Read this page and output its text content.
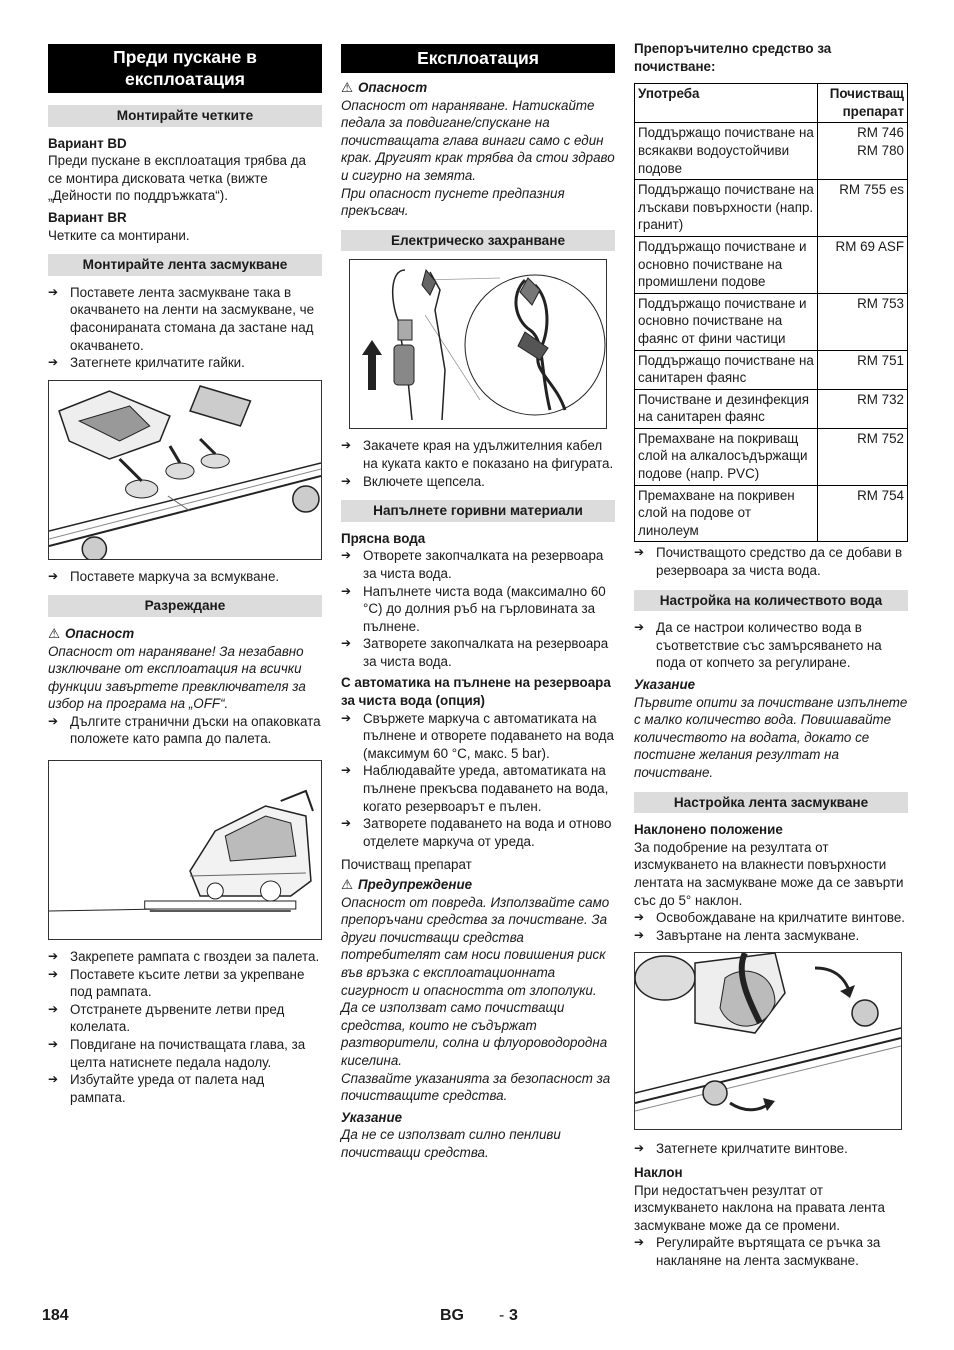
Преди пускане в експлоатация
Монтирайте четките

Вариант BD

Преди пускане в експлоатация трябва да се монтира дисковата четка (вижте „Дейности по поддръжката“).

Вариант BR

Четките са монтирани.

Монтирайте лента засмукване
➔ Поставете лента засмукване така в окачването на ленти на засмукване, че фасонираната стомана да застане над окачването.
➔ Затегнете крилчатите гайки.
➔ Поставете маркуча за всмукване.
Разреждане

⚠ Опасност

Опасност от нараняване! За незабавно изключване от експлоатация на всички функции завъртете превключвателя за избор на програма на „OFF“.

➔ Дългите странични дъски на опаковката положете като рампа до палета.
➔ Закрепете рампата с гвоздеи за палета.
➔ Поставете късите летви за укрепване под рампата.
➔ Отстранете дървените летви пред колелата.
➔ Повдигане на почистващата глава, за целта натиснете педала надолу.
➔ Избутайте уреда от палета над рампата.
Експлоатация

⚠ Опасност

Опасност от нараняване. Натискайте педала за повдигане/спускане на почистващата глава винаги само с един крак. Другият крак трябва да стои здраво и сигурно на земята.

При опасност пуснете предпазния прекъсвач.

Електрическо захранване
➔ Закачете края на удължителния кабел на куката както е показано на фигурата.
➔ Включете щепсела.
Напълнете горивни материали

Прясна вода

➔ Отворете закопчалката на резервоара за чиста вода.
➔ Напълнете чиста вода (максимално 60 °C) до долния ръб на гърловината за пълнене.
➔ Затворете закопчалката на резервоара за чиста вода.

С автоматика на пълнене на резервоара за чиста вода (опция)

➔ Свържете маркуча с автоматиката на пълнене и отворете подаването на вода (максимум 60 °C, макс. 5 bar).
➔ Наблюдавайте уреда, автоматиката на пълнене прекъсва подаването на вода, когато резервоарът е пълен.
➔ Затворете подаването на вода и отново отделете маркуча от уреда.

Почистващ препарат

⚠ Предупреждение

Опасност от повреда. Използвайте само препоръчани средства за почистване. За други почистващи средства потребителят сам носи повишения риск във връзка с експлоатационната сигурност и опасността от злополуки. Да се използват само почистващи средства, които не съдържат разтворители, солна и флуороводородна киселина.

Спазвайте указанията за безопасност за почистващите средства.

Указание

Да не се използват силно пенливи почистващи средства.

Препоръчително средство за почистване:

Употреба	Почистващ препарат
Поддържащо почистване на всякакви водоустойчиви подове	RM 746
RM 780
Поддържащо почистване на лъскави повърхности (напр. гранит)	RM 755 es
Поддържащо почистване и основно почистване на промишлени подове	RM 69 ASF
Поддържащо почистване и основно почистване на фаянс от фини частици	RM 753
Поддържащо почистване на санитарен фаянс	RM 751
Почистване и дезинфекция на санитарен фаянс	RM 732
Премахване на покриващ слой на алкалосъдържащи подове (напр. PVC)	RM 752
Премахване на покривен слой на подове от линолеум	RM 754
➔ Почистващото средство да се добави в резервоара за чиста вода.
Настройка на количеството вода
➔ Да се настрои количество вода в съответствие със замърсяването на пода от копчето за регулиране.

Указание

Първите опити за почистване изпълнете с малко количество вода. Повишавайте количеството на водата, докато се постигне желания резултат на почистване.

Настройка лента засмукване

Наклонено положение

За подобрение на резултата от изсмукването на влакнести повърхности лентата на засмукване може да се завърти със до 5° наклон.

➔ Освобождаване на крилчатите винтове.
➔ Завъртане на лента засмукване.
➔ Затегнете крилчатите винтове.

Наклон

При недостатъчен резултат от изсмукването наклона на правата лента засмукване може да се промени.

➔ Регулирайте въртящата се ръчка за накланяне на лента засмукване.
184	BG - 3
